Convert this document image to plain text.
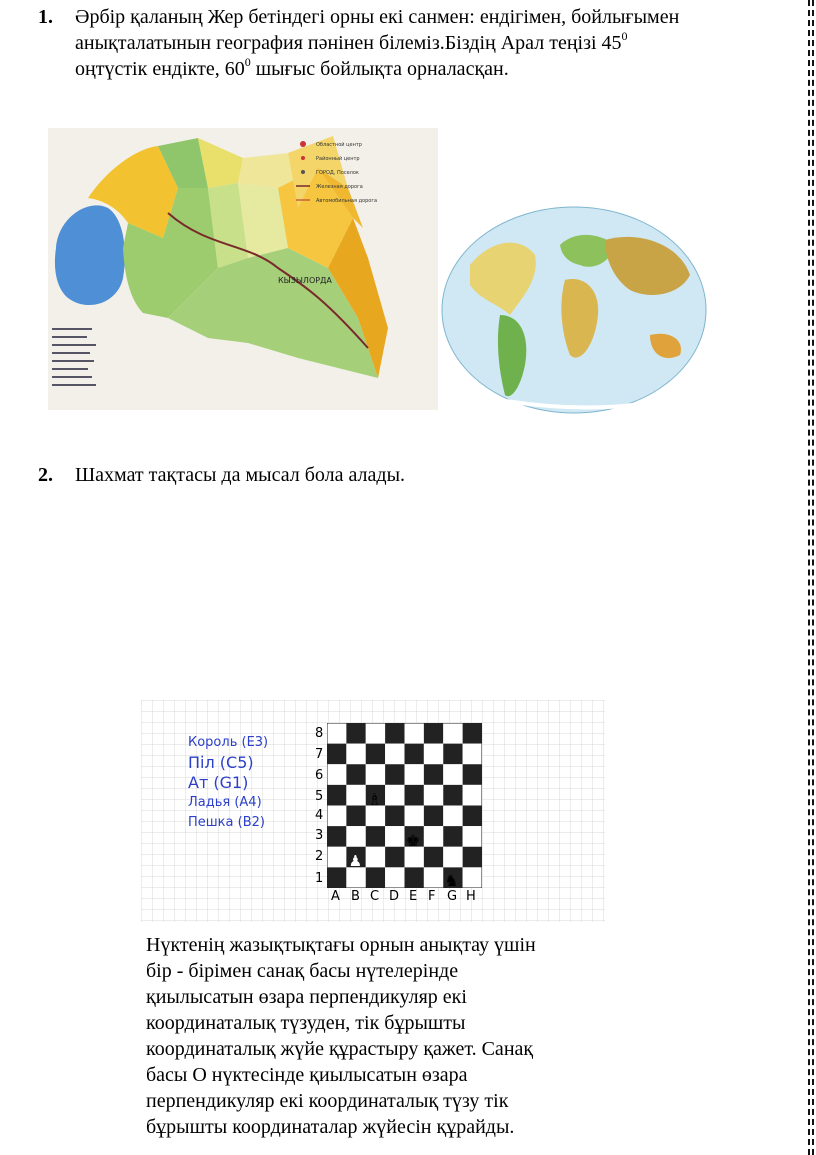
1. Әрбір қаланың Жер бетіндегі орны екі санмен: ендігімен, бойлығымен
анықталатынын география пәнінен білеміз.Біздің Арал теңізі $45^0$
оңтүстік ендікте, $60^0$ шығыс бойлықта орналасқан.
КЫЗЫЛОРДА
Областной центр
Районный центр
ГОРОД, Поселок
Железная дорога
Автомобильная дорога
2. Шахмат тақтасы да мысал бола алады.
Король (Е3)
Піл (С5)
Ат (G1)
Ладья (А4)
Пешка (В2)
8
7
6
5
4
3
2
1
♗
♖
♚
♟
♞
A B C D E F G H
Нүктенің жазықтықтағы орнын анықтау үшін
бір - бірімен санақ басы нүтелерінде
қиылысатын өзара перпендикуляр екі
координаталық түзуден, тік бұрышты
координаталық жүйе құрастыру қажет. Санақ
басы О нүктесінде қиылысатын өзара
перпендикуляр екі координаталық түзу тік
бұрышты координаталар жүйесін құрайды.
